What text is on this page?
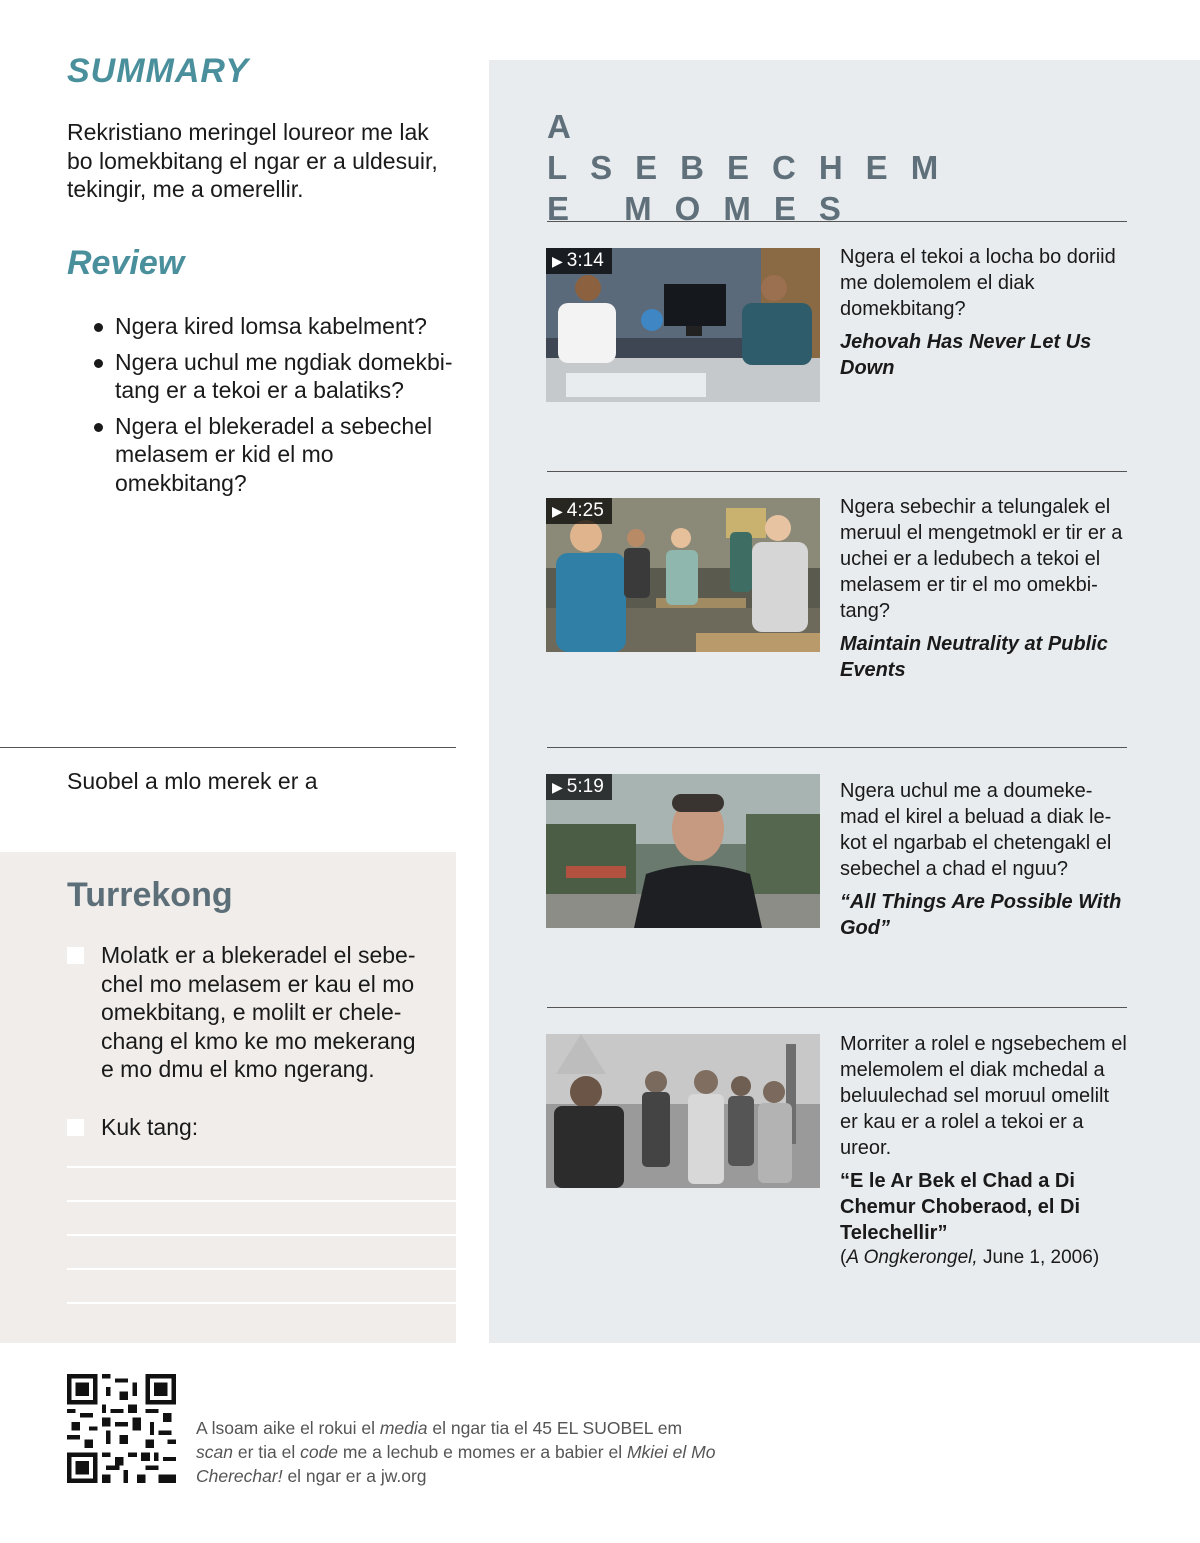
SUMMARY

Rekristiano meringel loureor me lak bo lomekbitang el ngar er a uldesuir, tekingir, me a omerellir.

Review
Ngera kired lomsa kabelment?
Ngera uchul me ngdiak domekbi-tang er a tekoi er a balatiks?
Ngera el blekeradel a sebechel melasem er kid el mo omekbitang?

Suobel a mlo merek er a

Turrekong
Molatk er a blekeradel el sebe-chel mo melasem er kau el mo omekbitang, e molilt er chele-chang el kmo ke mo mekerang e mo dmu el kmo ngerang.
Kuk tang:
A LSEBECHEM E MOMES
▶ 3:14	Ngera el tekoi a locha bo doriid me dolemolem el diak domekbitang?

Jehovah Has Never Let Us Down

▶ 4:25	Ngera sebechir a telungalek el meruul el mengetmokl er tir er a uchei er a ledubech a tekoi el melasem er tir el mo omekbi-tang?

Maintain Neutrality at Public Events

▶ 5:19	Ngera uchul me a doumeke-mad el kirel a beluad a diak le-kot el ngarbab el chetengakl el sebechel a chad el nguu?

“All Things Are Possible With God”

Morriter a rolel e ngsebechem el melemolem el diak mchedal a beluulechad sel moruul omelilt er kau er a rolel a tekoi er a ureor.

“E le Ar Bek el Chad a Di Chemur Choberaod, el Di Telechellir”

(A Ongkerongel, June 1, 2006)

A lsoam aike el rokui el media el ngar tia el 45 EL SUOBEL em scan er tia el code me a lechub e momes er a babier el Mkiei el Mo Cherechar! el ngar er a jw.org
